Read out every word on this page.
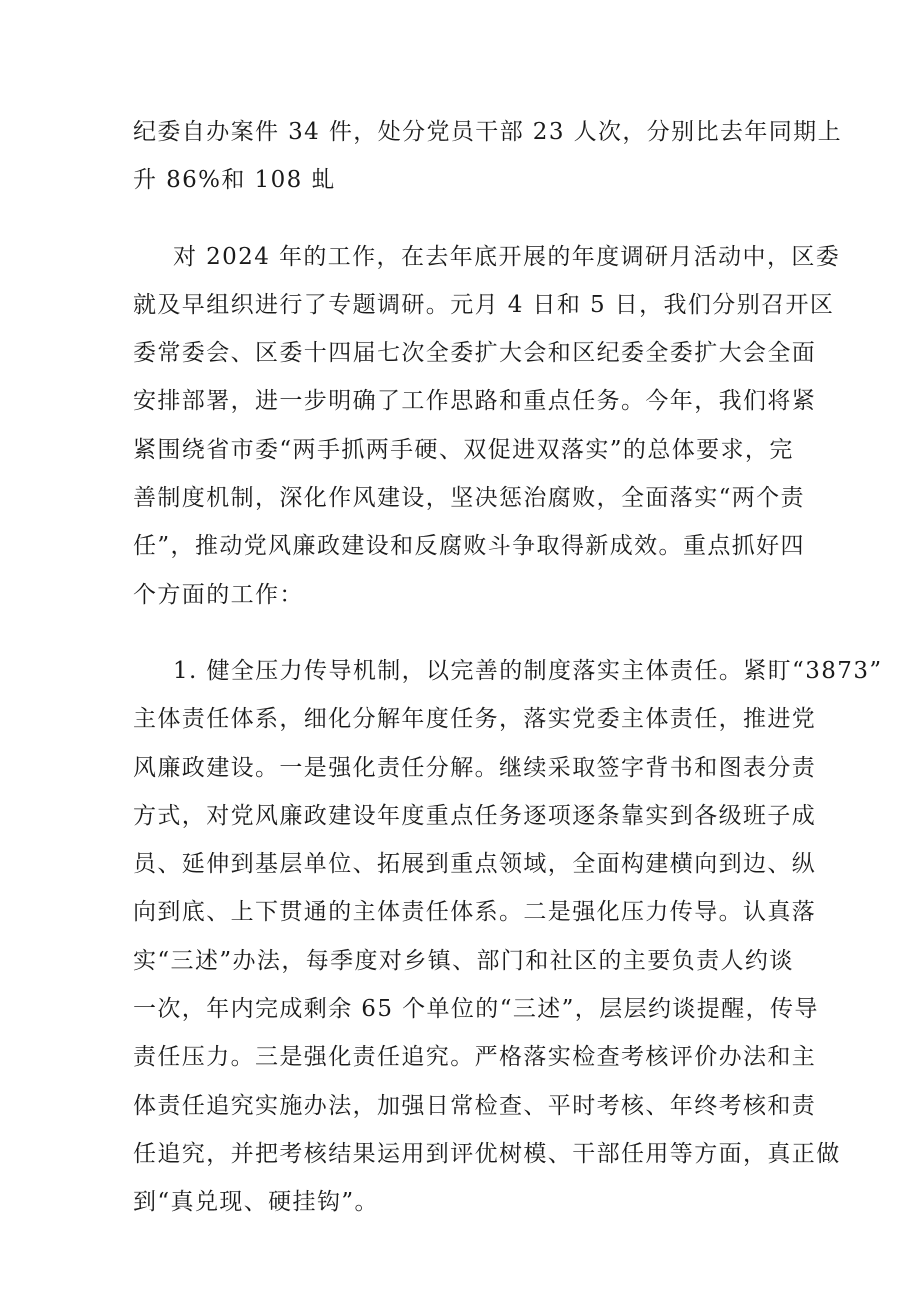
纪委自办案件 34 件，处分党员干部 23 人次，分别比去年同期上
升 86%和 108 虬
对 2024 年的工作，在去年底开展的年度调研月活动中，区委
就及早组织进行了专题调研。元月 4 日和 5 日，我们分别召开区
委常委会、区委十四届七次全委扩大会和区纪委全委扩大会全面
安排部署，进一步明确了工作思路和重点任务。今年，我们将紧
紧围绕省市委“两手抓两手硬、双促进双落实”的总体要求，完
善制度机制，深化作风建设，坚决惩治腐败，全面落实“两个责
任”，推动党风廉政建设和反腐败斗争取得新成效。重点抓好四
个方面的工作：
1. 健全压力传导机制，以完善的制度落实主体责任。紧盯“3873”
主体责任体系，细化分解年度任务，落实党委主体责任，推进党
风廉政建设。一是强化责任分解。继续采取签字背书和图表分责
方式，对党风廉政建设年度重点任务逐项逐条靠实到各级班子成
员、延伸到基层单位、拓展到重点领域，全面构建横向到边、纵
向到底、上下贯通的主体责任体系。二是强化压力传导。认真落
实“三述”办法，每季度对乡镇、部门和社区的主要负责人约谈
一次，年内完成剩余 65 个单位的“三述”，层层约谈提醒，传导
责任压力。三是强化责任追究。严格落实检查考核评价办法和主
体责任追究实施办法，加强日常检查、平时考核、年终考核和责
任追究，并把考核结果运用到评优树模、干部任用等方面，真正做
到“真兑现、硬挂钩”。
